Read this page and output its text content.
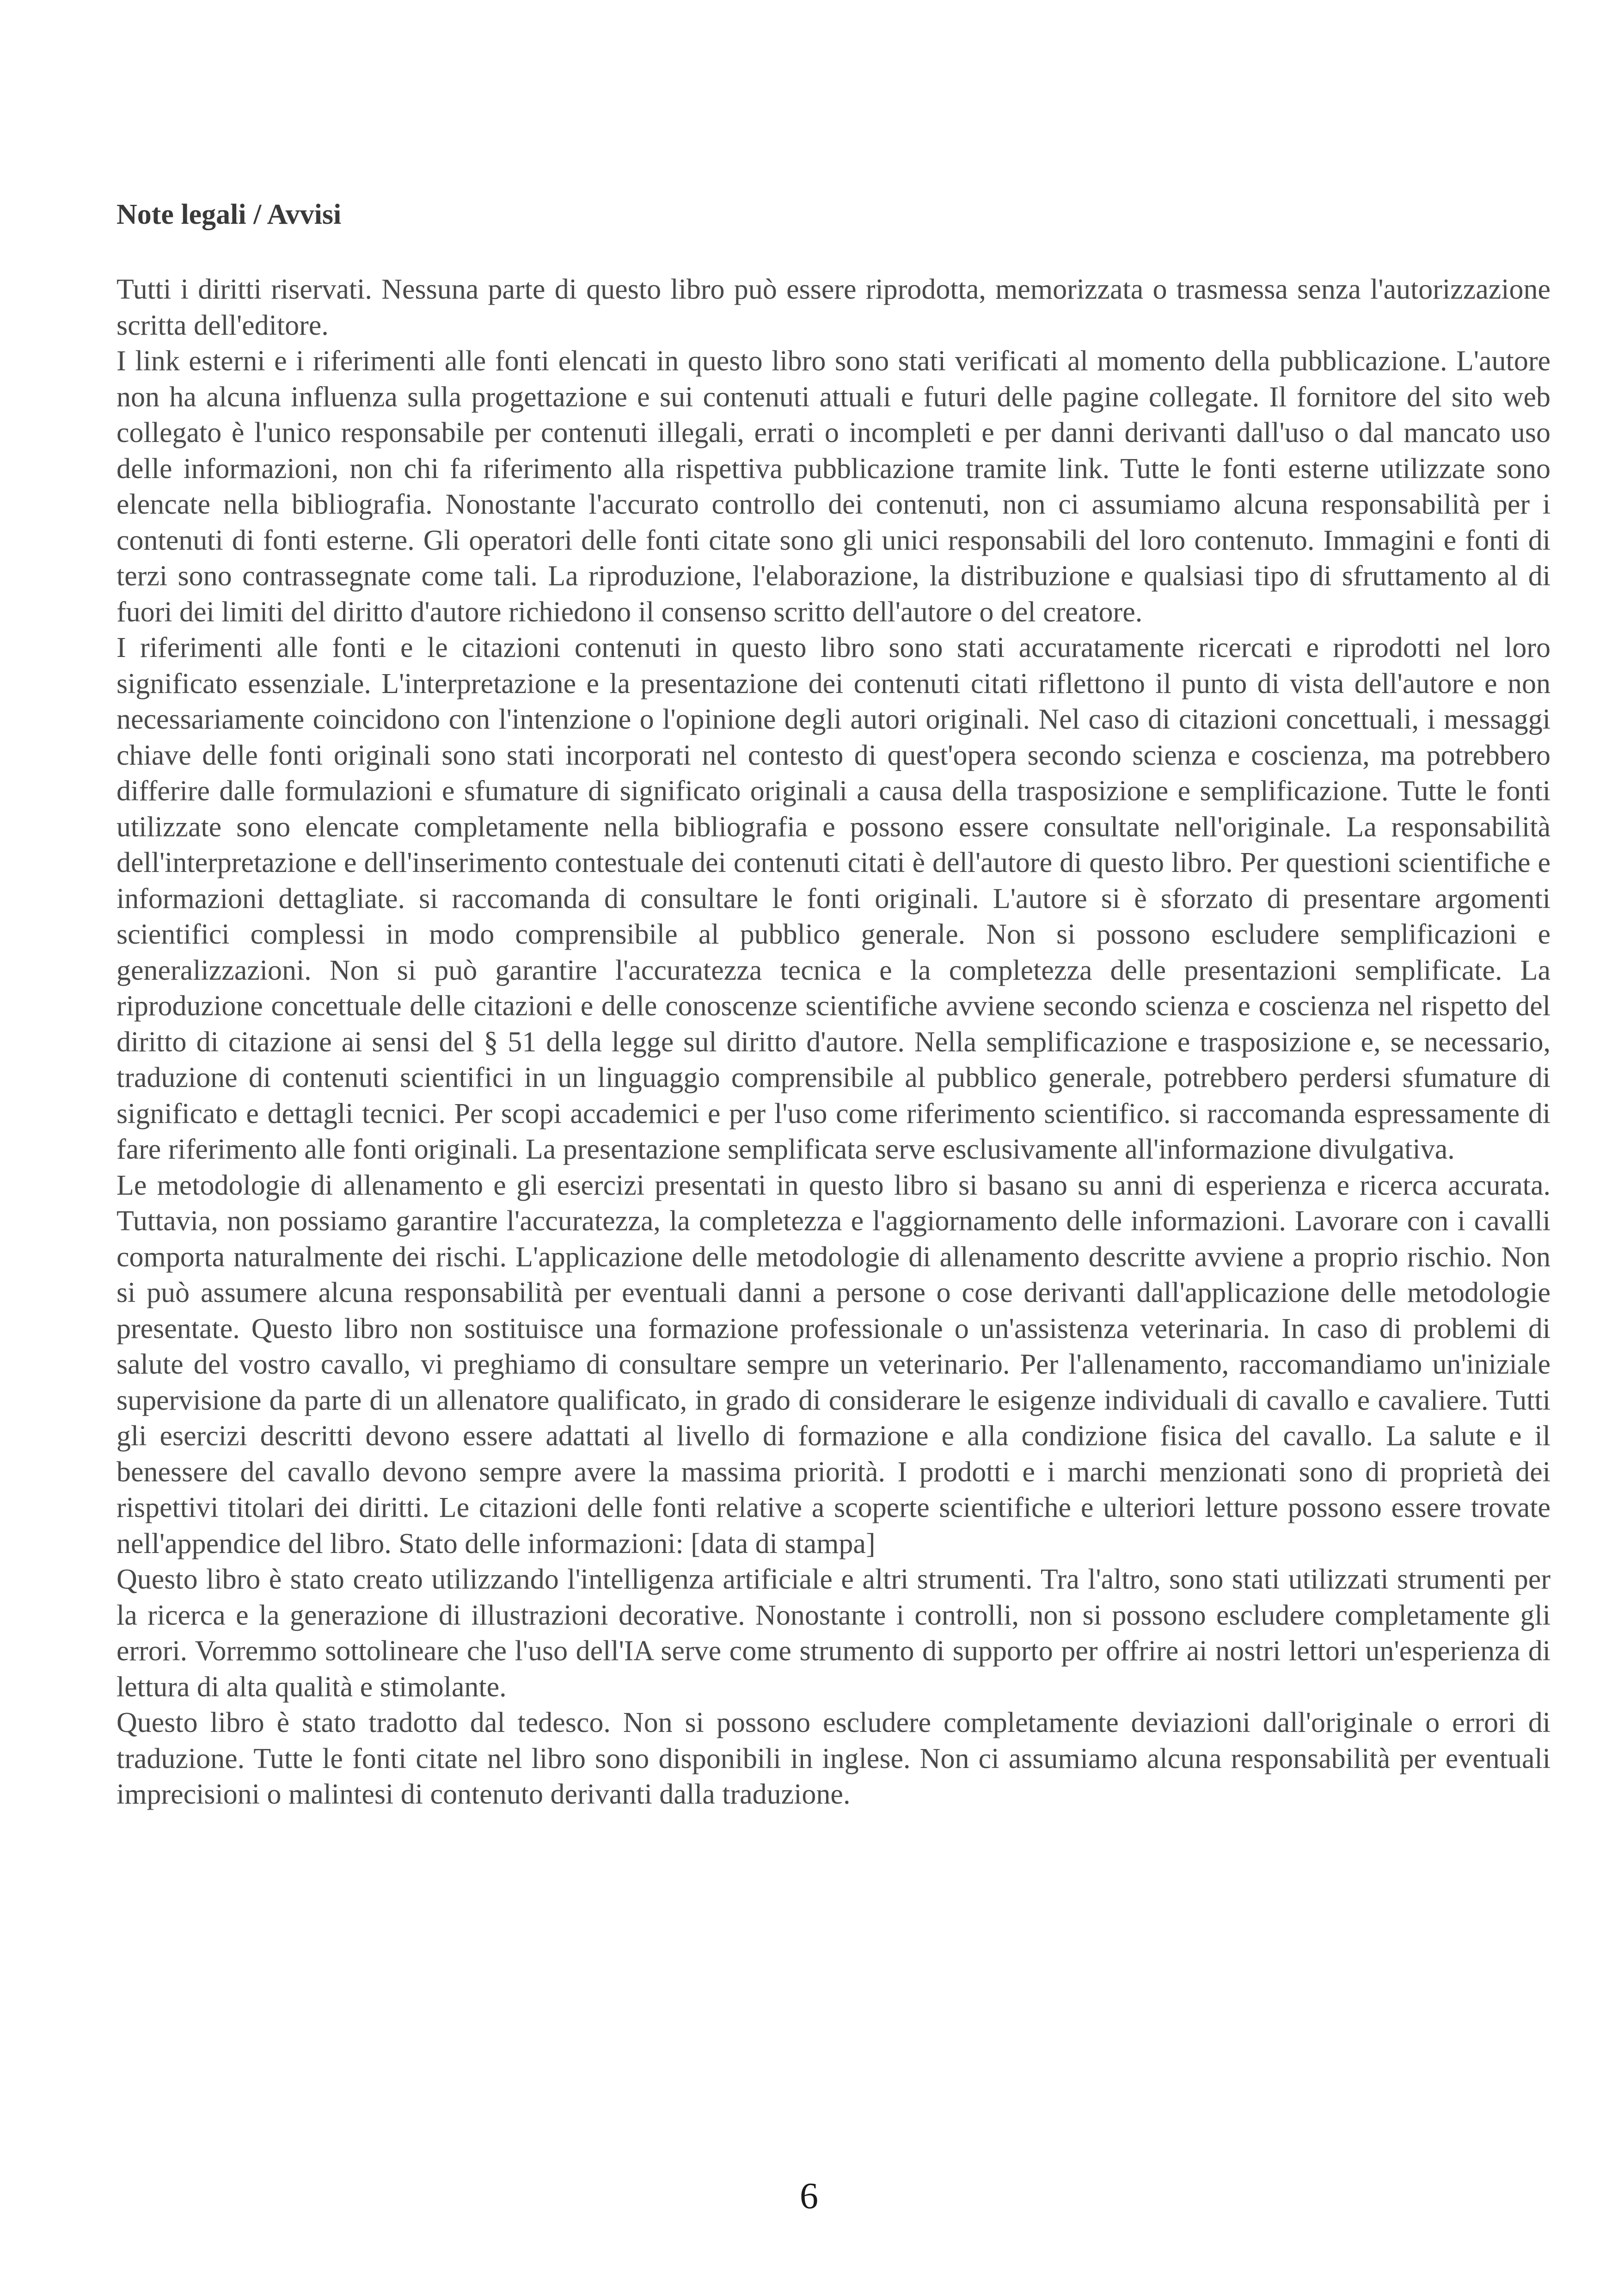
Note legali / Avvisi

Tutti i diritti riservati. Nessuna parte di questo libro può essere riprodotta, memorizzata o trasmessa senza l'autorizzazione scritta dell'editore.

I link esterni e i riferimenti alle fonti elencati in questo libro sono stati verificati al momento della pubblicazione. L'autore non ha alcuna influenza sulla progettazione e sui contenuti attuali e futuri delle pagine collegate. Il fornitore del sito web collegato è l'unico responsabile per contenuti illegali, errati o incompleti e per danni derivanti dall'uso o dal mancato uso delle informazioni, non chi fa riferimento alla rispettiva pubblicazione tramite link. Tutte le fonti esterne utilizzate sono elencate nella bibliografia. Nonostante l'accurato controllo dei contenuti, non ci assumiamo alcuna responsabilità per i contenuti di fonti esterne. Gli operatori delle fonti citate sono gli unici responsabili del loro contenuto. Immagini e fonti di terzi sono contrassegnate come tali. La riproduzione, l'elaborazione, la distribuzione e qualsiasi tipo di sfruttamento al di fuori dei limiti del diritto d'autore richiedono il consenso scritto dell'autore o del creatore.

I riferimenti alle fonti e le citazioni contenuti in questo libro sono stati accuratamente ricercati e riprodotti nel loro significato essenziale. L'interpretazione e la presentazione dei contenuti citati riflettono il punto di vista dell'autore e non necessariamente coincidono con l'intenzione o l'opinione degli autori originali. Nel caso di citazioni concettuali, i messaggi chiave delle fonti originali sono stati incorporati nel contesto di quest'opera secondo scienza e coscienza, ma potrebbero differire dalle formulazioni e sfumature di significato originali a causa della trasposizione e semplificazione. Tutte le fonti utilizzate sono elencate completamente nella bibliografia e possono essere consultate nell'originale. La responsabilità dell'interpretazione e dell'inserimento contestuale dei contenuti citati è dell'autore di questo libro. Per questioni scientifiche e informazioni dettagliate. si raccomanda di consultare le fonti originali. L'autore si è sforzato di presentare argomenti scientifici complessi in modo comprensibile al pubblico generale. Non si possono escludere semplificazioni e generalizzazioni. Non si può garantire l'accuratezza tecnica e la completezza delle presentazioni semplificate. La riproduzione concettuale delle citazioni e delle conoscenze scientifiche avviene secondo scienza e coscienza nel rispetto del diritto di citazione ai sensi del § 51 della legge sul diritto d'autore. Nella semplificazione e trasposizione e, se necessario, traduzione di contenuti scientifici in un linguaggio comprensibile al pubblico generale, potrebbero perdersi sfumature di significato e dettagli tecnici. Per scopi accademici e per l'uso come riferimento scientifico. si raccomanda espressamente di fare riferimento alle fonti originali. La presentazione semplificata serve esclusivamente all'informazione divulgativa.

Le metodologie di allenamento e gli esercizi presentati in questo libro si basano su anni di esperienza e ricerca accurata. Tuttavia, non possiamo garantire l'accuratezza, la completezza e l'aggiornamento delle informazioni. Lavorare con i cavalli comporta naturalmente dei rischi. L'applicazione delle metodologie di allenamento descritte avviene a proprio rischio. Non si può assumere alcuna responsabilità per eventuali danni a persone o cose derivanti dall'applicazione delle metodologie presentate. Questo libro non sostituisce una formazione professionale o un'assistenza veterinaria. In caso di problemi di salute del vostro cavallo, vi preghiamo di consultare sempre un veterinario. Per l'allenamento, raccomandiamo un'iniziale supervisione da parte di un allenatore qualificato, in grado di considerare le esigenze individuali di cavallo e cavaliere. Tutti gli esercizi descritti devono essere adattati al livello di formazione e alla condizione fisica del cavallo. La salute e il benessere del cavallo devono sempre avere la massima priorità. I prodotti e i marchi menzionati sono di proprietà dei rispettivi titolari dei diritti. Le citazioni delle fonti relative a scoperte scientifiche e ulteriori letture possono essere trovate nell'appendice del libro. Stato delle informazioni: [data di stampa]

Questo libro è stato creato utilizzando l'intelligenza artificiale e altri strumenti. Tra l'altro, sono stati utilizzati strumenti per la ricerca e la generazione di illustrazioni decorative. Nonostante i controlli, non si possono escludere completamente gli errori. Vorremmo sottolineare che l'uso dell'IA serve come strumento di supporto per offrire ai nostri lettori un'esperienza di lettura di alta qualità e stimolante.

Questo libro è stato tradotto dal tedesco. Non si possono escludere completamente deviazioni dall'originale o errori di traduzione. Tutte le fonti citate nel libro sono disponibili in inglese. Non ci assumiamo alcuna responsabilità per eventuali imprecisioni o malintesi di contenuto derivanti dalla traduzione.

6
